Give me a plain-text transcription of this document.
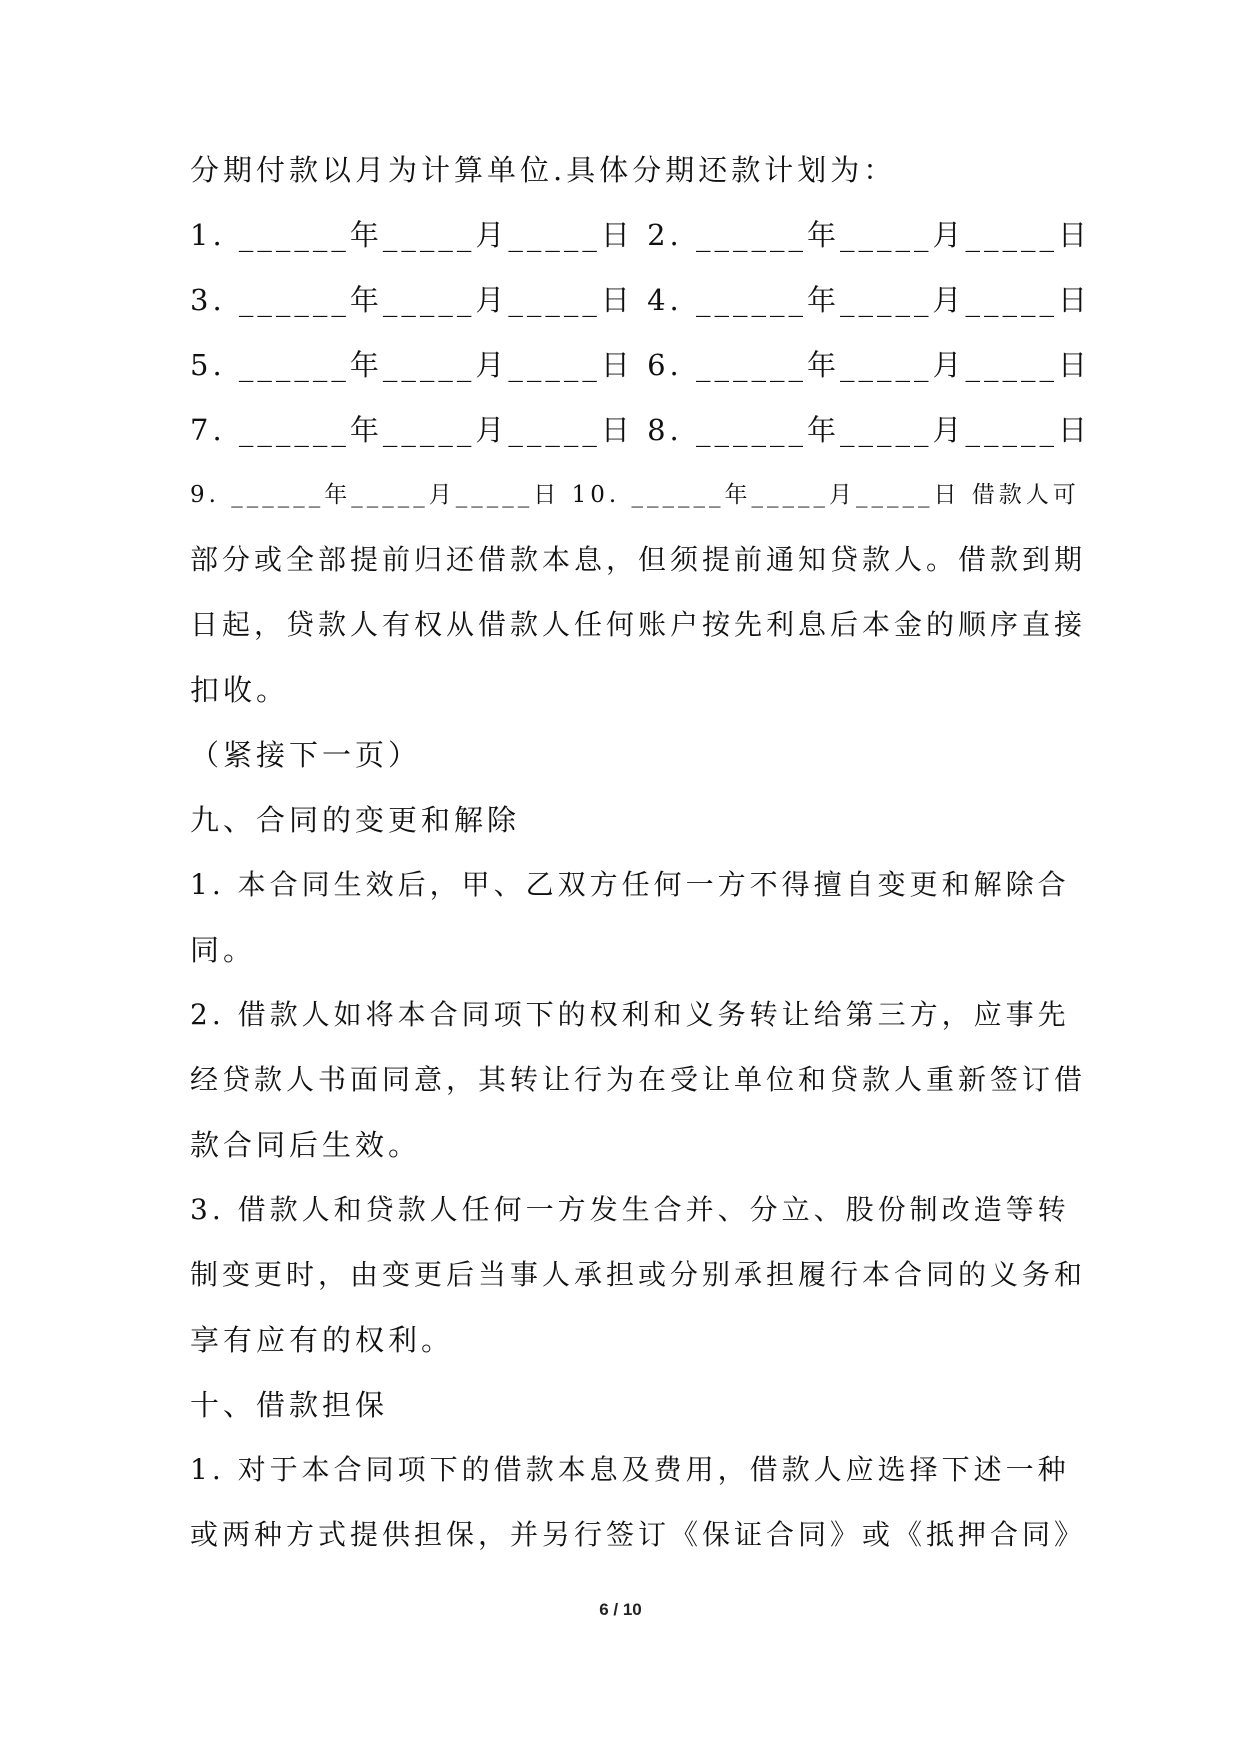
分期付款以月为计算单位.具体分期还款计划为：
1. ______年_____月_____日 2. ______年_____月_____日
3. ______年_____月_____日 4. ______年_____月_____日
5. ______年_____月_____日 6. ______年_____月_____日
7. ______年_____月_____日 8. ______年_____月_____日
9. ______年_____月_____日 10. ______年_____月_____日 借款人可
部分或全部提前归还借款本息，但须提前通知贷款人。借款到期
日起，贷款人有权从借款人任何账户按先利息后本金的顺序直接
扣收。
（紧接下一页）
九、合同的变更和解除
1. 本合同生效后，甲、乙双方任何一方不得擅自变更和解除合
同。
2. 借款人如将本合同项下的权利和义务转让给第三方，应事先
经贷款人书面同意，其转让行为在受让单位和贷款人重新签订借
款合同后生效。
3. 借款人和贷款人任何一方发生合并、分立、股份制改造等转
制变更时，由变更后当事人承担或分别承担履行本合同的义务和
享有应有的权利。
十、借款担保
1. 对于本合同项下的借款本息及费用，借款人应选择下述一种
或两种方式提供担保，并另行签订《保证合同》或《抵押合同》
6 / 10
